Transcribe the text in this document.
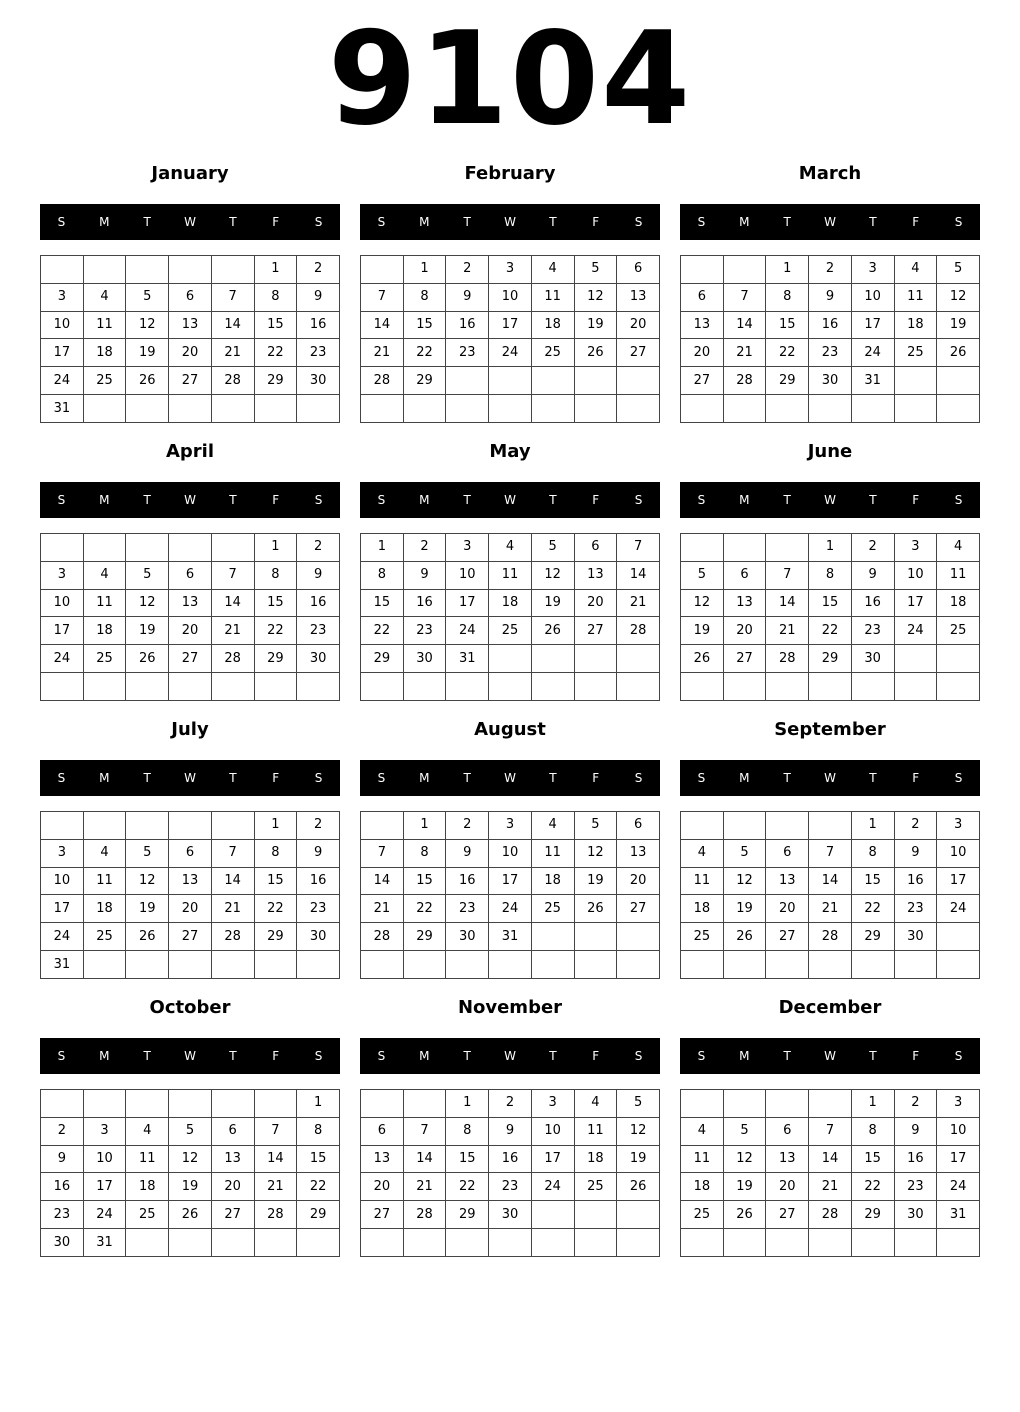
9104
January
S	M	T	W	T	F	S
					1	2
3	4	5	6	7	8	9
10	11	12	13	14	15	16
17	18	19	20	21	22	23
24	25	26	27	28	29	30
31						
February
S	M	T	W	T	F	S
	1	2	3	4	5	6
7	8	9	10	11	12	13
14	15	16	17	18	19	20
21	22	23	24	25	26	27
28	29					

March
S	M	T	W	T	F	S
		1	2	3	4	5
6	7	8	9	10	11	12
13	14	15	16	17	18	19
20	21	22	23	24	25	26
27	28	29	30	31		

April
S	M	T	W	T	F	S
					1	2
3	4	5	6	7	8	9
10	11	12	13	14	15	16
17	18	19	20	21	22	23
24	25	26	27	28	29	30

May
S	M	T	W	T	F	S
1	2	3	4	5	6	7
8	9	10	11	12	13	14
15	16	17	18	19	20	21
22	23	24	25	26	27	28
29	30	31				

June
S	M	T	W	T	F	S
			1	2	3	4
5	6	7	8	9	10	11
12	13	14	15	16	17	18
19	20	21	22	23	24	25
26	27	28	29	30		

July
S	M	T	W	T	F	S
					1	2
3	4	5	6	7	8	9
10	11	12	13	14	15	16
17	18	19	20	21	22	23
24	25	26	27	28	29	30
31						
August
S	M	T	W	T	F	S
	1	2	3	4	5	6
7	8	9	10	11	12	13
14	15	16	17	18	19	20
21	22	23	24	25	26	27
28	29	30	31			

September
S	M	T	W	T	F	S
				1	2	3
4	5	6	7	8	9	10
11	12	13	14	15	16	17
18	19	20	21	22	23	24
25	26	27	28	29	30	

October
S	M	T	W	T	F	S
						1
2	3	4	5	6	7	8
9	10	11	12	13	14	15
16	17	18	19	20	21	22
23	24	25	26	27	28	29
30	31					
November
S	M	T	W	T	F	S
		1	2	3	4	5
6	7	8	9	10	11	12
13	14	15	16	17	18	19
20	21	22	23	24	25	26
27	28	29	30			

December
S	M	T	W	T	F	S
				1	2	3
4	5	6	7	8	9	10
11	12	13	14	15	16	17
18	19	20	21	22	23	24
25	26	27	28	29	30	31
